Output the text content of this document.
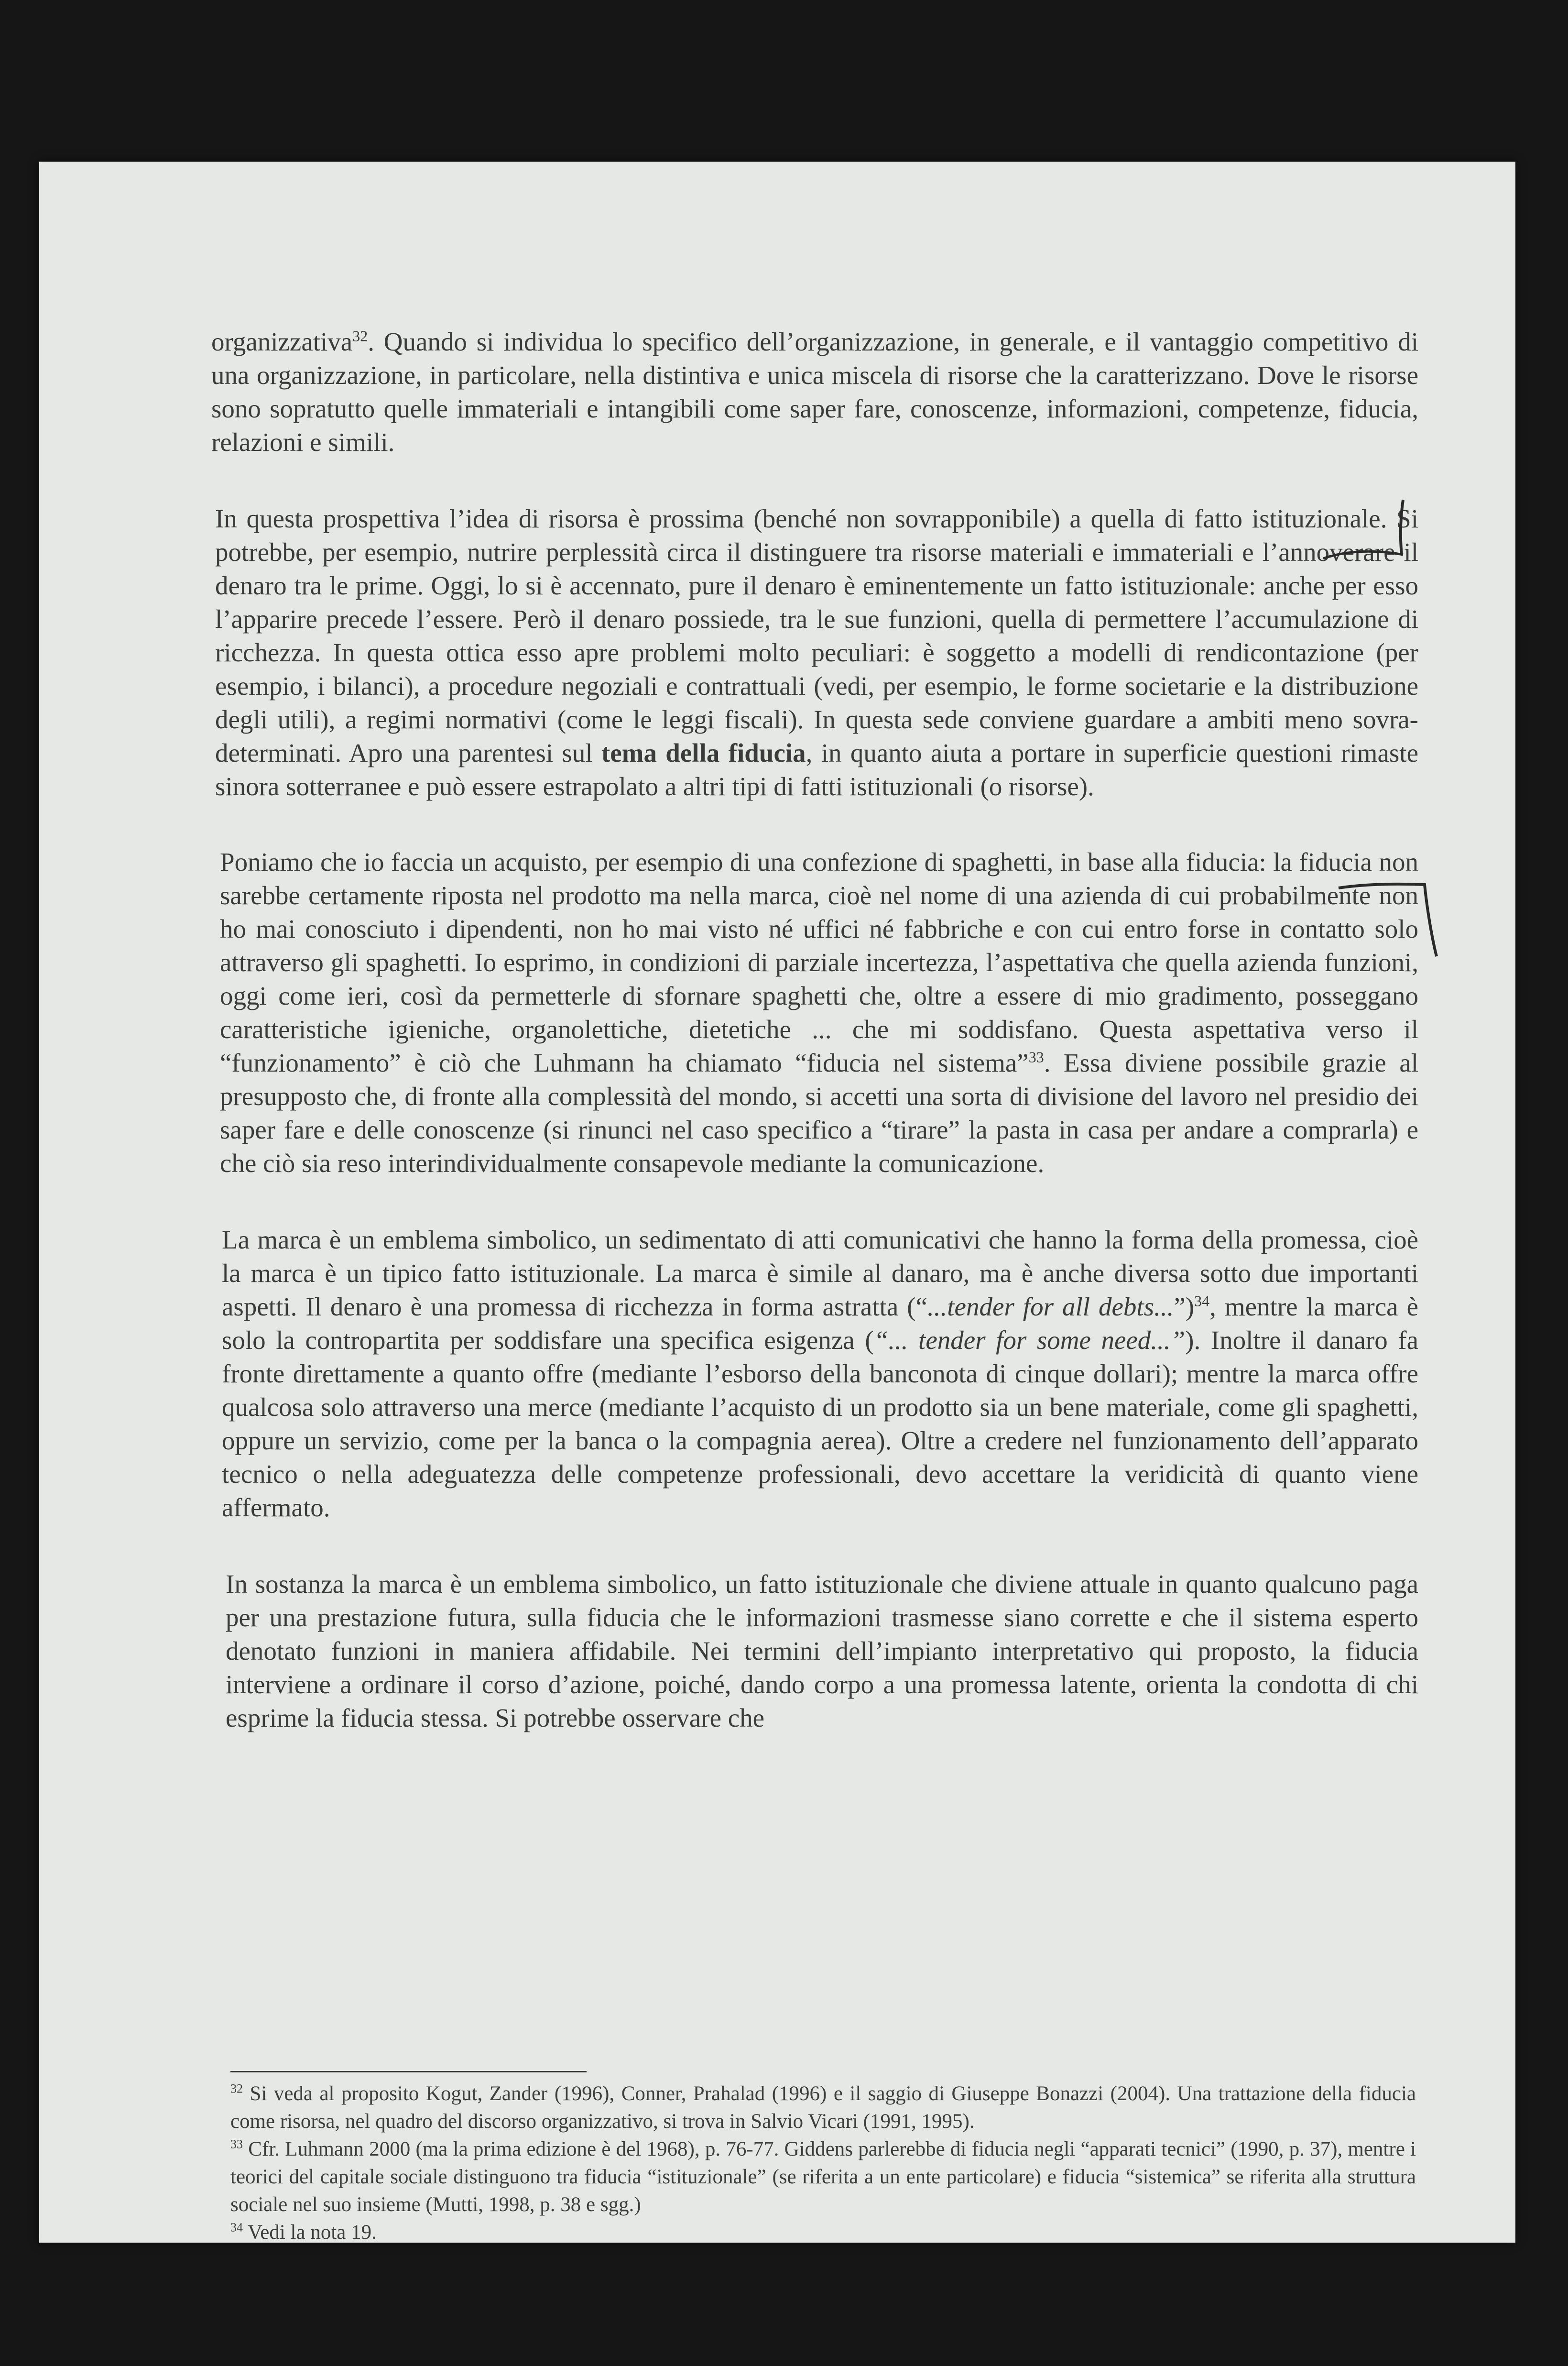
organizzativa$^{32}$. Quando si individua lo specifico dell’organizzazione, in generale, e il vantaggio competitivo di una organizzazione, in particolare, nella distintiva e unica miscela di risorse che la caratterizzano. Dove le risorse sono sopratutto quelle immateriali e intangibili come saper fare, conoscenze, informazioni, competenze, fiducia, relazioni e simili.

In questa prospettiva l’idea di risorsa è prossima (benché non sovrapponibile) a quella di fatto istituzionale. Si potrebbe, per esempio, nutrire perplessità circa il distinguere tra risorse materiali e immateriali e l’annoverare il denaro tra le prime. Oggi, lo si è accennato, pure il denaro è eminentemente un fatto istituzionale: anche per esso l’apparire precede l’essere. Però il denaro possiede, tra le sue funzioni, quella di permettere l’accumulazione di ricchezza. In questa ottica esso apre problemi molto peculiari: è soggetto a modelli di rendicontazione (per esempio, i bilanci), a procedure negoziali e contrattuali (vedi, per esempio, le forme societarie e la distribuzione degli utili), a regimi normativi (come le leggi fiscali). In questa sede conviene guardare a ambiti meno sovra-determinati. Apro una parentesi sul tema della fiducia, in quanto aiuta a portare in superficie questioni rimaste sinora sotterranee e può essere estrapolato a altri tipi di fatti istituzionali (o risorse).

Poniamo che io faccia un acquisto, per esempio di una confezione di spaghetti, in base alla fiducia: la fiducia non sarebbe certamente riposta nel prodotto ma nella marca, cioè nel nome di una azienda di cui probabilmente non ho mai conosciuto i dipendenti, non ho mai visto né uffici né fabbriche e con cui entro forse in contatto solo attraverso gli spaghetti. Io esprimo, in condizioni di parziale incertezza, l’aspettativa che quella azienda funzioni, oggi come ieri, così da permetterle di sfornare spaghetti che, oltre a essere di mio gradimento, posseggano caratteristiche igieniche, organolettiche, dietetiche ... che mi soddisfano. Questa aspettativa verso il “funzionamento” è ciò che Luhmann ha chiamato “fiducia nel sistema”$^{33}$. Essa diviene possibile grazie al presupposto che, di fronte alla complessità del mondo, si accetti una sorta di divisione del lavoro nel presidio dei saper fare e delle conoscenze (si rinunci nel caso specifico a “tirare” la pasta in casa per andare a comprarla) e che ciò sia reso interindividualmente consapevole mediante la comunicazione.

La marca è un emblema simbolico, un sedimentato di atti comunicativi che hanno la forma della promessa, cioè la marca è un tipico fatto istituzionale. La marca è simile al danaro, ma è anche diversa sotto due importanti aspetti. Il denaro è una promessa di ricchezza in forma astratta (“...tender for all debts...”)$^{34}$, mentre la marca è solo la contropartita per soddisfare una specifica esigenza (“... tender for some need...”). Inoltre il danaro fa fronte direttamente a quanto offre (mediante l’esborso della banconota di cinque dollari); mentre la marca offre qualcosa solo attraverso una merce (mediante l’acquisto di un prodotto sia un bene materiale, come gli spaghetti, oppure un servizio, come per la banca o la compagnia aerea). Oltre a credere nel funzionamento dell’apparato tecnico o nella adeguatezza delle competenze professionali, devo accettare la veridicità di quanto viene affermato.

In sostanza la marca è un emblema simbolico, un fatto istituzionale che diviene attuale in quanto qualcuno paga per una prestazione futura, sulla fiducia che le informazioni trasmesse siano corrette e che il sistema esperto denotato funzioni in maniera affidabile. Nei termini dell’impianto interpretativo qui proposto, la fiducia interviene a ordinare il corso d’azione, poiché, dando corpo a una promessa latente, orienta la condotta di chi esprime la fiducia stessa. Si potrebbe osservare che

$^{32}$ Si veda al proposito Kogut, Zander (1996), Conner, Prahalad (1996) e il saggio di Giuseppe Bonazzi (2004). Una trattazione della fiducia come risorsa, nel quadro del discorso organizzativo, si trova in Salvio Vicari (1991, 1995).

$^{33}$ Cfr. Luhmann 2000 (ma la prima edizione è del 1968), p. 76-77. Giddens parlerebbe di fiducia negli “apparati tecnici” (1990, p. 37), mentre i teorici del capitale sociale distinguono tra fiducia “istituzionale” (se riferita a un ente particolare) e fiducia “sistemica” se riferita alla struttura sociale nel suo insieme (Mutti, 1998, p. 38 e sgg.)

$^{34}$ Vedi la nota 19.
